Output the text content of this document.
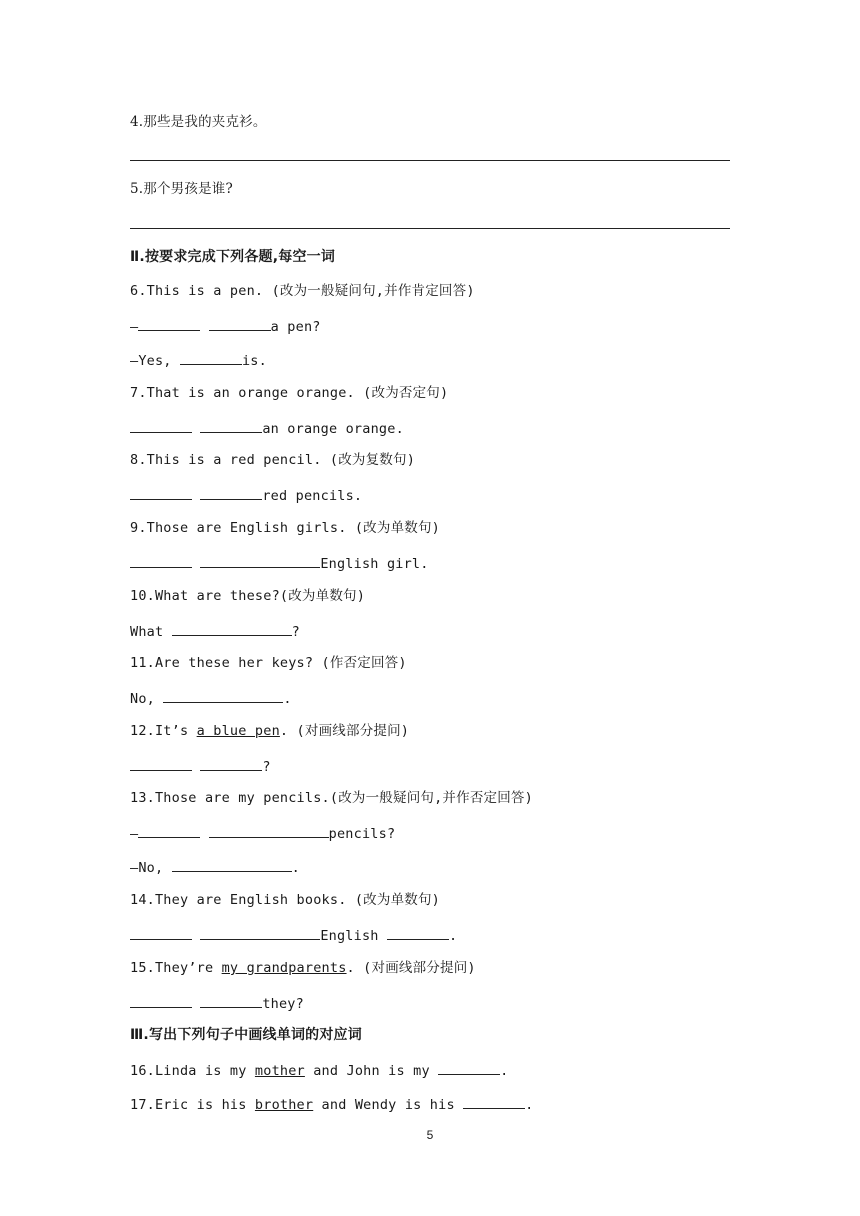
4.那些是我的夹克衫。
5.那个男孩是谁?
Ⅱ.按要求完成下列各题,每空一词
6.This is a pen. (改为一般疑问句,并作肯定回答)
—	a pen?
—Yes,	is.
7.That is an orange orange. (改为否定句)
an orange orange.
8.This is a red pencil. (改为复数句)
red pencils.
9.Those are English girls. (改为单数句)
English girl.
10.What are these?(改为单数句)
What	?
11.Are these her keys? (作否定回答)
No,	.
12.It’s a blue pen. (对画线部分提问)
?
13.Those are my pencils.(改为一般疑问句,并作否定回答)
—	pencils?
—No,	.
14.They are English books. (改为单数句)
English	.
15.They’re my grandparents. (对画线部分提问)
they?
Ⅲ.写出下列句子中画线单词的对应词
16.Linda is my mother and John is my	.
17.Eric is his brother and Wendy is his	.
5
